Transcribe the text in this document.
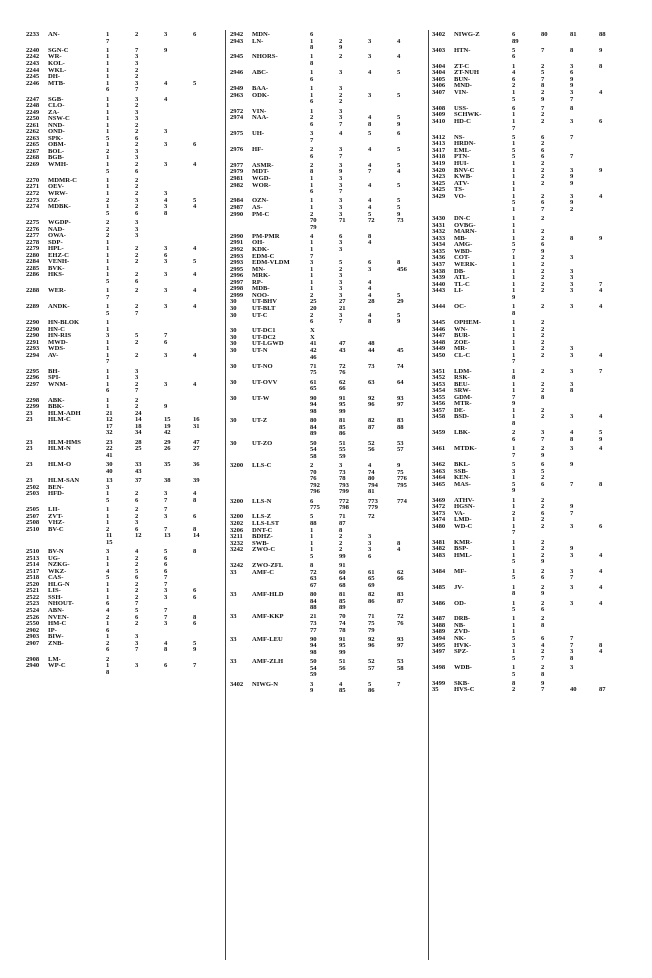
2233	AN-	1	2	3	6
7
2240	SGN-C	1	7	9
2242	WR-	1	3
2243	KOL-	1	3
2244	WKL-	1	2
2245	DH-	1	2
2246	MTB-	1	3	4	5
6	7
2247	SGB-	1	3	4
2248	CLO-	1	2
2249	ZA-	1	3
2250	NSW-C	1	3
2261	NND-	1	2
2262	OND-	1	2	3
2263	SPK-	5	6
2265	OBM-	1	2	3	6
2267	BOL-	2	3
2268	BGB-	1	3
2269	WMH-	1	2	3	4
5	6
2270	MDMR-C	1	2
2271	OEV-	1	2
2272	WRW-	1	2	3
2273	OZ-	2	3	4	5
2274	MDBK-	1	2	3	4
5	6	8
2275	WGDP-	2	3
2276	NAD-	2	3
2277	OWA-	2	3
2278	SDP-	1
2279	HPL-	1	2	3	4
2280	EHZ-C	1	2	6
2284	VENH-	1	2	3	5
2285	BVK-	1
2286	HKS-	1	2	3	4
5	6
2288	WER-	1	2	3	4
7
2289	ANDK-	1	2	3	4
5	7
2290	HN-BLOK	1
2290	HN-C	1
2290	HN-RIS	3	5	7
2291	MWD-	1	2	6
2293	WDS-	1
2294	AV-	1	2	3	4
7
2295	BH-	1	3
2296	SPI-	1	3
2297	WNM-	1	2	3	4
6	7
2298	ABK-	1	2
2299	BBK-	1	2	9
23	HLM-ADH	21	24
23	HLM-C	12	14	15	16
17	18	19	31
32	34	42
23	HLM-HMS	23	28	29	47
23	HLM-N	22	25	26	27
41
23	HLM-O	30	33	35	36
40	43
23	HLM-SAN	13	37	38	39
2502	BEN-	3
2503	HFD-	1	2	3	4
5	6	7	8
2505	LII-	1	2	7
2507	ZVT-	1	2	3	6
2508	VHZ-	1	3
2510	BV-C	2	6	7	8
11	12	13	14
15
2510	BV-N	3	4	5	8
2513	UG-	1	2	6
2514	NZKG-	1	2	6
2517	WKZ-	4	5	6
2518	CAS-	5	6	7
2520	HLG-N	1	2	7
2521	LIS-	1	2	3	6
2522	SSH-	1	2	3	6
2523	NHOUT-	6	7
2524	ABN-	4	5	7
2526	NVEN-	2	6	7	8
2550	HM-C	1	2	3	6
2902	IP-	6
2903	BIW-	1	3
2907	ZNB-	2	3	4	5
6	7	8	9
2908	LM-	2
2940	WP-C	1	3	6	7
8
2942	MDN-	6
2943	LN-	1	2	3	4
8	9
2945	NHORS-	1	2	3	4
8
2946	ABC-	1	3	4	5
6
2949	BAA-	1	3
2963	ODK-	1	2	3	5
6	2
2972	VIN-	1	3
2974	NAA-	2	3	4	5
6	7	8	9
2975	UH-	3	4	5	6
7
2976	HF-	2	3	4	5
6	7
2977	ASMR-	2	3	4	5
2979	MDT-	8	9	7	4
2981	WGD-	1	3
2982	WOR-	1	3	4	5
6	7
2984	OZN-	1	3	4	5
2987	AS-	1	3	4	5
2990	PM-C	2	3	5	9
70	71	72	73
79
2990	PM-PMR	4	6	8
2991	OH-	1	3	4
2992	KDK-	1	3
2993	EDM-C	7
2993	EDM-VLDM	3	5	6	8
2995	MN-	1	2	3	456
2996	MRK-	1	3
2997	RP-	1	3	4
2998	MDB-	1	3	4
2999	NOO-	2	3	4	5
30	UT-BHV	25	27	28	29
30	UT-BLT	20	21
30	UT-C	2	3	4	5
6	7	8	9
30	UT-DC1	X
30	UT-DC2	X
30	UT-LGWD	41	47	48
30	UT-N	42	43	44	45
46
30	UT-NO	71	72	73	74
75	76
30	UT-OVV	61	62	63	64
65	66
30	UT-W	90	91	92	93
94	95	96	97
98	99
30	UT-Z	80	81	82	83
84	85	87	88
89	86
30	UT-ZO	50	51	52	53
54	55	56	57
58	59
3200	LLS-C	2	3	4	9
70	73	74	75
76	78	80	776
792	793	794	795
796	799	81
3200	LLS-N	6	772	773	774
775	798	779
3200	LLS-Z	5	71	72
3202	LLS-LST	88	87
3206	DNT-C	1	8
3211	BDHZ-	1	2	3
3232	SWB-	1	2	3	8
3242	ZWO-C	1	2	3	4
5	99	6
3242	ZWO-ZFL	8	91
33	AMF-C	72	60	61	62
63	64	65	66
67	68	69
33	AMF-HLD	80	81	82	83
84	85	86	87
88	89
33	AMF-KKP	21	70	71	72
73	74	75	76
77	78	79
33	AMF-LEU	90	91	92	93
94	95	96	97
98	99
33	AMF-ZLH	50	51	52	53
54	56	57	58
59
3402	NIWG-N	3	4	5	7
9	85	86
3402	NIWG-Z	6	80	81	88
89
3403	HTN-	5	7	8	9
6
3404	ZT-C	1	2	3	8
3404	ZT-NUH	4	5	6
3405	BUN-	6	7	9
3406	MND-	2	8	9
3407	VIN-	1	2	3	4
5	9	7
3408	USS-	6	7	8
3409	SCHWK-	1	2
3410	HD-C	1	2	3	6
7
3412	NS-	5	6	7
3413	HRDN-	1	2
3417	EML-	5	6
3418	PTN-	5	6	7
3419	HUI-	1	2
3420	BNV-C	1	2	3	9
3423	KWB-	1	2	9
3425	ATV-	1	2	9
3425	TS-	1
3429	VO-	1	2	3	4
5	6	9
1	7	2
3430	DN-C	1	2
3431	OVBG-	1
3432	MARN-	1	2
3433	MB-	1	2	8	9
3434	AMG-	5	6
3435	WBD-	7	9
3436	COT-	1	2	3
3437	WERK-	1	2
3438	DB-	1	2	3
3439	ATL-	1	2	3
3440	TL-C	1	2	3	7
3443	LI-	1	2	3	4
9
3444	OC-	1	2	3	4
8
3445	OPHEM-	1	2
3446	WN-	1	2
3447	BUR-	1	2
3448	ZOE-	1	2
3449	MR-	1	2	3
3450	CL-C	1	2	3	4
7
3451	LDM-	1	2	3	7
3452	RSK-	8
3453	BEU-	1	2	3
3454	SRW-	1	2	8
3455	GDM-	7	8
3456	MTR-	9
3457	DE-	1	2
3458	BSD-	1	2	3	4
8
3459	LBK-	2	3	4	5
6	7	8	9
3461	MTDK-	1	2	3	4
7	9
3462	BKL-	5	6	9
3463	SSB-	3	5
3464	KEN-	1	2
3465	MAS-	5	6	7	8
9
3469	ATHV-	1	2
3472	HGSN-	1	2	9
3473	VA-	2	6	7
3474	LMD-	1	2
3480	WD-C	1	2	3	6
7
3481	KMR-	1	2
3482	BSP-	1	2	9
3483	HML-	1	2	3	4
5	9
3484	MF-	1	2	3	4
5	6	7
3485	JV-	1	2	3	4
8	9
3486	OD-	1	2	3	4
5	6
3487	DRB-	1	2
3488	NB-	1	8
3489	ZVD-	1
3494	NK-	5	6	7
3495	HVK-	3	4	7	8
3497	SPZ-	1	2	3	4
5	7	8
3498	WDB-	1	2	3
5	8
3499	SKB-	8	9
35	HVS-C	2	7	40	87
